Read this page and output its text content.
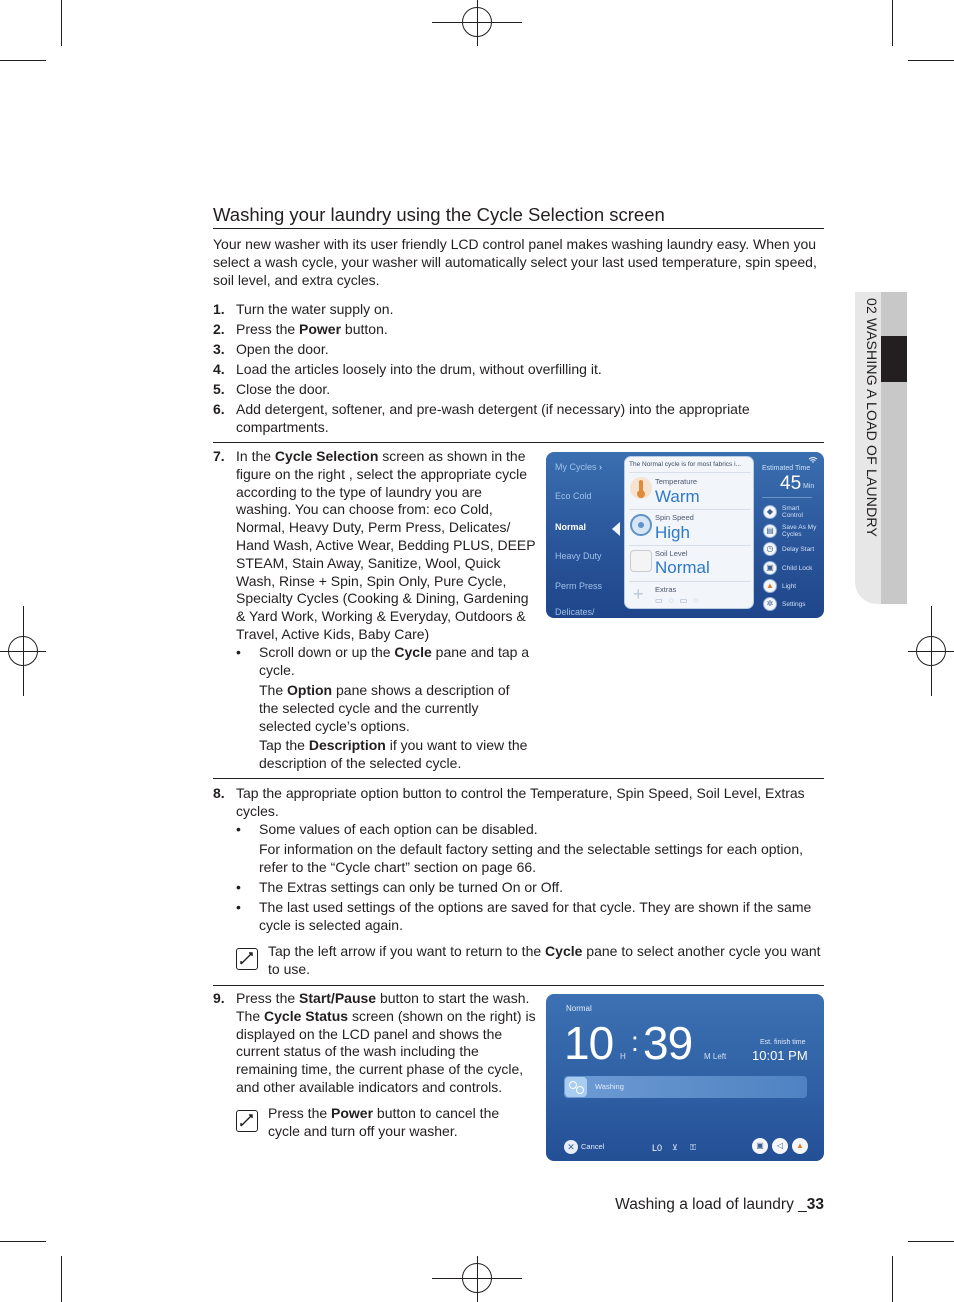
02 WASHING A LOAD OF LAUNDRY
Washing your laundry using the Cycle Selection screen
Your new washer with its user friendly LCD control panel makes washing laundry easy. When you select a wash cycle, your washer will automatically select your last used temperature, spin speed, soil level, and extra cycles.
1. Turn the water supply on.
2. Press the Power button.
3. Open the door.
4. Load the articles loosely into the drum, without overfilling it.
5. Close the door.
6. Add detergent, softener, and pre-wash detergent (if necessary) into the appropriate compartments.
7. In the Cycle Selection screen as shown in the figure on the right , select the appropriate cycle according to the type of laundry you are washing. You can choose from: eco Cold, Normal, Heavy Duty, Perm Press, Delicates/ Hand Wash, Active Wear, Bedding PLUS, DEEP STEAM, Stain Away, Sanitize, Wool, Quick Wash, Rinse + Spin, Spin Only, Pure Cycle, Specialty Cycles (Cooking & Dining, Gardening & Yard Work, Working & Everyday, Outdoors & Travel, Active Kids, Baby Care)
• Scroll down or up the Cycle pane and tap a cycle.
The Option pane shows a description of the selected cycle and the currently selected cycle’s options.
Tap the Description if you want to view the description of the selected cycle.
My Cycles ›
Eco Cold
Normal
Heavy Duty
Perm Press
Delicates/
The Normal cycle is for most fabrics i...
Temperature
Warm
Spin Speed
High
Soil Level
Normal
+ Extras
▭ ◌ ▭ ◌
Estimated Time
45 Min
◆	Smart Control
▤	Save As My Cycles
◷	Delay Start
▣	Child Lock
▲	Light
✲	Settings
8. Tap the appropriate option button to control the Temperature, Spin Speed, Soil Level, Extras cycles.
• Some values of each option can be disabled.
For information on the default factory setting and the selectable settings for each option, refer to the “Cycle chart” section on page 66.
• The Extras settings can only be turned On or Off.
• The last used settings of the options are saved for that cycle. They are shown if the same cycle is selected again.
Tap the left arrow if you want to return to the Cycle pane to select another cycle you want to use.
9. Press the Start/Pause button to start the wash. The Cycle Status screen (shown on the right) is displayed on the LCD panel and shows the current status of the wash including the remaining time, the current phase of the cycle, and other available indicators and controls.
Press the Power button to cancel the cycle and turn off your washer.
Normal
10 H : 39 M Left
Est. finish time
10:01 PM
Washing
✕ Cancel	L0 ⊻ ⚿	▣	◁	▲
Washing a load of laundry _33
